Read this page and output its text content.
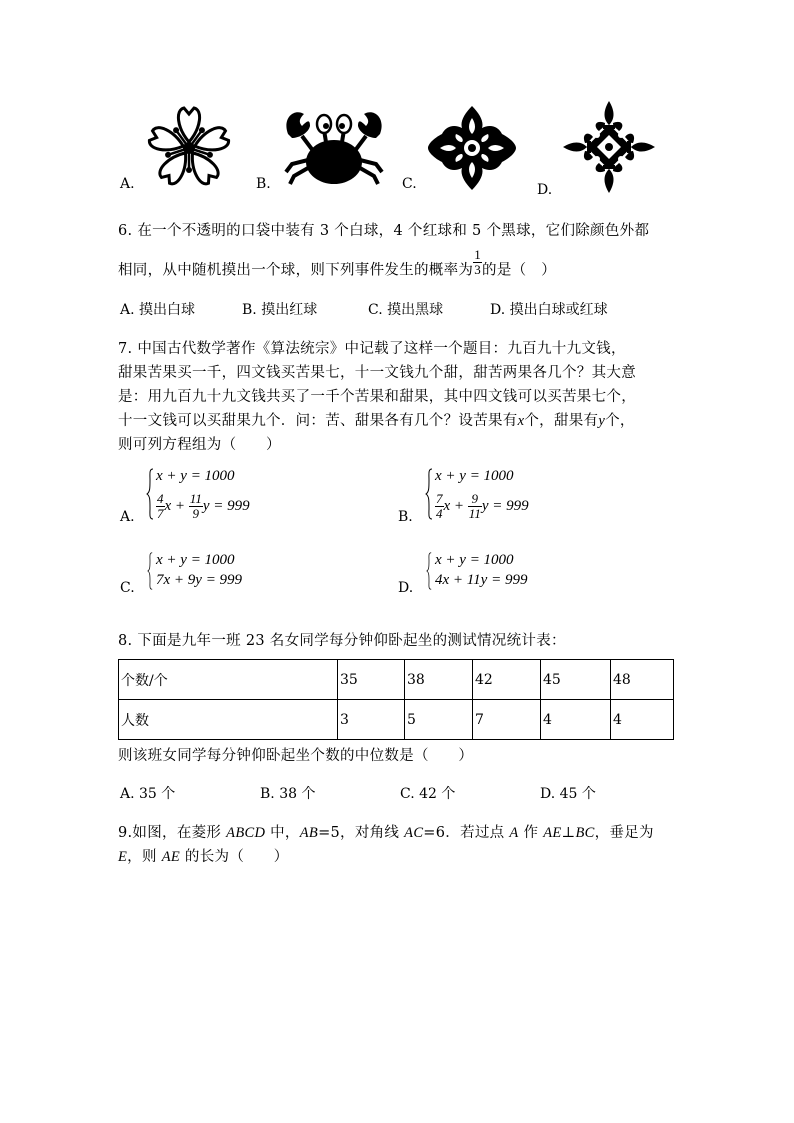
A.	B.	C.	D.
6. 在一个不透明的口袋中装有 3 个白球，4 个红球和 5 个黑球，它们除颜色外都
相同，从中随机摸出一个球，则下列事件发生的概率为 $\frac{1}{3}$ 的是（　）
A. 摸出白球	B. 摸出红球	C. 摸出黑球	D. 摸出白球或红球
7. 中国古代数学著作《算法统宗》中记载了这样一个题目：九百九十九文钱，
甜果苦果买一千，四文钱买苦果七，十一文钱九个甜，甜苦两果各几个？其大意
是：用九百九十九文钱共买了一千个苦果和甜果，其中四文钱可以买苦果七个，
十一文钱可以买甜果九个．问：苦、甜果各有几个？设苦果有x个，甜果有y个，
则可列方程组为（　　）
A.
x + y = 1000
$\frac{4}{7}$ $x + \frac{11}{9}$ y = 999
B.
x + y = 1000
$\frac{7}{4}$ $x + \frac{9}{11}$ y = 999
C.
x + y = 1000
7x + 9y = 999	D.
x + y = 1000
4x + 11y = 999
8. 下面是九年一班 23 名女同学每分钟仰卧起坐的测试情况统计表：
个数/个	35	38	42	45	48
人数	3	5	7	4	4
则该班女同学每分钟仰卧起坐个数的中位数是（　　）
A. 35 个	B. 38 个	C. 42 个	D. 45 个
9.如图，在菱形 ABCD 中，AB=5，对角线 AC=6．若过点 A 作 AE⊥BC，垂足为
E，则 AE 的长为（　　）
